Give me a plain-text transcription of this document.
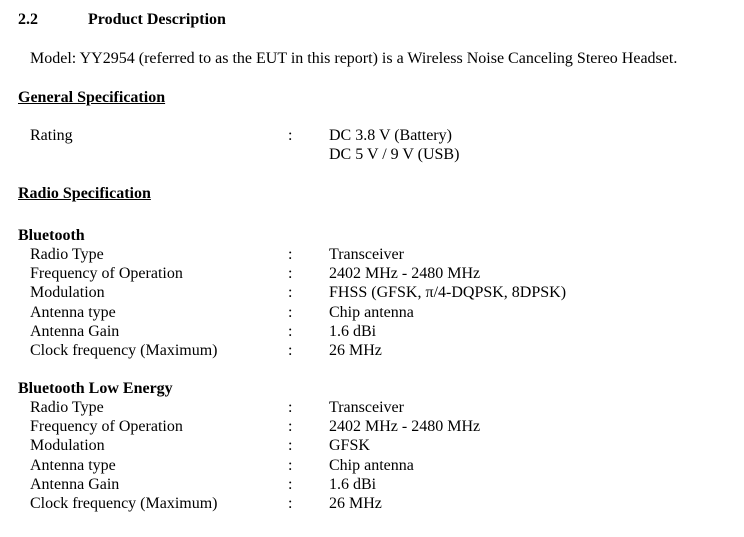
2.2	Product Description
Model: YY2954 (referred to as the EUT in this report) is a Wireless Noise Canceling Stereo Headset.
General Specification
Rating	: DC 3.8 V (Battery)
DC 5 V / 9 V (USB)
Radio Specification
Bluetooth
Radio Type	: Transceiver
Frequency of Operation	: 2402 MHz - 2480 MHz
Modulation	: FHSS (GFSK, π/4-DQPSK, 8DPSK)
Antenna type	: Chip antenna
Antenna Gain	: 1.6 dBi
Clock frequency (Maximum)	: 26 MHz
Bluetooth Low Energy
Radio Type	: Transceiver
Frequency of Operation	: 2402 MHz - 2480 MHz
Modulation	: GFSK
Antenna type	: Chip antenna
Antenna Gain	: 1.6 dBi
Clock frequency (Maximum)	: 26 MHz
